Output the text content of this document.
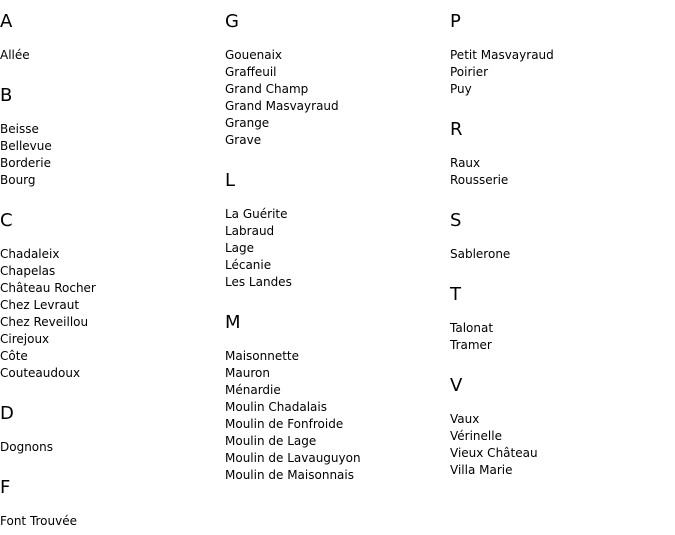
A
Allée
B
Beisse
Bellevue
Borderie
Bourg
C
Chadaleix
Chapelas
Château Rocher
Chez Levraut
Chez Reveillou
Cirejoux
Côte
Couteaudoux
D
Dognons
F
Font Trouvée
G
Gouenaix
Graffeuil
Grand Champ
Grand Masvayraud
Grange
Grave
L
La Guérite
Labraud
Lage
Lécanie
Les Landes
M
Maisonnette
Mauron
Ménardie
Moulin Chadalais
Moulin de Fonfroide
Moulin de Lage
Moulin de Lavauguyon
Moulin de Maisonnais
P
Petit Masvayraud
Poirier
Puy
R
Raux
Rousserie
S
Sablerone
T
Talonat
Tramer
V
Vaux
Vérinelle
Vieux Château
Villa Marie
